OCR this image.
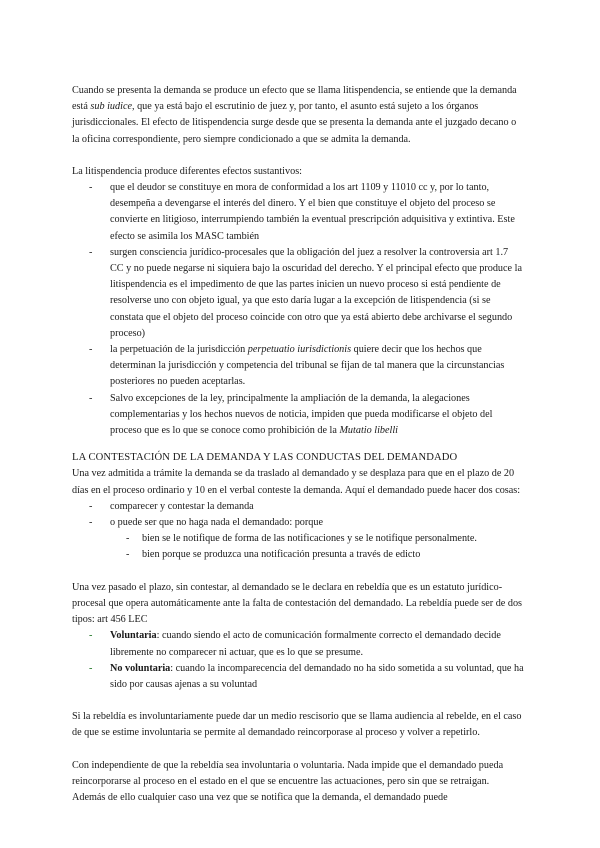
Cuando se presenta la demanda se produce un efecto que se llama litispendencia, se entiende que la demanda está sub iudice, que ya está bajo el escrutinio de juez y, por tanto, el asunto está sujeto a los órganos jurisdiccionales. El efecto de litispendencia surge desde que se presenta la demanda ante el juzgado decano o la oficina correspondiente, pero siempre condicionado a que se admita la demanda.

La litispendencia produce diferentes efectos sustantivos:

- que el deudor se constituye en mora de conformidad a los art 1109 y 11010 cc y, por lo tanto, desempeña a devengarse el interés del dinero. Y el bien que constituye el objeto del proceso se convierte en litigioso, interrumpiendo también la eventual prescripción adquisitiva y extintiva. Este efecto se asimila los MASC también
- surgen consciencia jurídico-procesales que la obligación del juez a resolver la controversia art 1.7 CC y no puede negarse ni siquiera bajo la oscuridad del derecho. Y el principal efecto que produce la litispendencia es el impedimento de que las partes inicien un nuevo proceso si está pendiente de resolverse uno con objeto igual, ya que esto daría lugar a la excepción de litispendencia (si se constata que el objeto del proceso coincide con otro que ya está abierto debe archivarse el segundo proceso)
- la perpetuación de la jurisdicción perpetuatio iurisdictionis quiere decir que los hechos que determinan la jurisdicción y competencia del tribunal se fijan de tal manera que la circunstancias posteriores no pueden aceptarlas.
- Salvo excepciones de la ley, principalmente la ampliación de la demanda, la alegaciones complementarias y los hechos nuevos de noticia, impiden que pueda modificarse el objeto del proceso que es lo que se conoce como prohibición de la Mutatio libelli

LA CONTESTACIÓN DE LA DEMANDA Y LAS CONDUCTAS DEL DEMANDADO

Una vez admitida a trámite la demanda se da traslado al demandado y se desplaza para que en el plazo de 20 días en el proceso ordinario y 10 en el verbal conteste la demanda. Aquí el demandado puede hacer dos cosas:

- comparecer y contestar la demanda
- o puede ser que no haga nada el demandado: porque
- bien se le notifique de forma de las notificaciones y se le notifique personalmente.
- bien porque se produzca una notificación presunta a través de edicto

Una vez pasado el plazo, sin contestar, al demandado se le declara en rebeldía que es un estatuto jurídico-procesal que opera automáticamente ante la falta de contestación del demandado. La rebeldía puede ser de dos tipos: art 456 LEC

- Voluntaria: cuando siendo el acto de comunicación formalmente correcto el demandado decide libremente no comparecer ni actuar, que es lo que se presume.
- No voluntaria: cuando la incomparecencia del demandado no ha sido sometida a su voluntad, que ha sido por causas ajenas a su voluntad

Si la rebeldía es involuntariamente puede dar un medio rescisorio que se llama audiencia al rebelde, en el caso de que se estime involuntaria se permite al demandado reincorporase al proceso y volver a repetirlo.

Con independiente de que la rebeldía sea involuntaria o voluntaria. Nada impide que el demandado pueda reincorporarse al proceso en el estado en el que se encuentre las actuaciones, pero sin que se retraigan. Además de ello cualquier caso una vez que se notifica que la demanda, el demandado puede
